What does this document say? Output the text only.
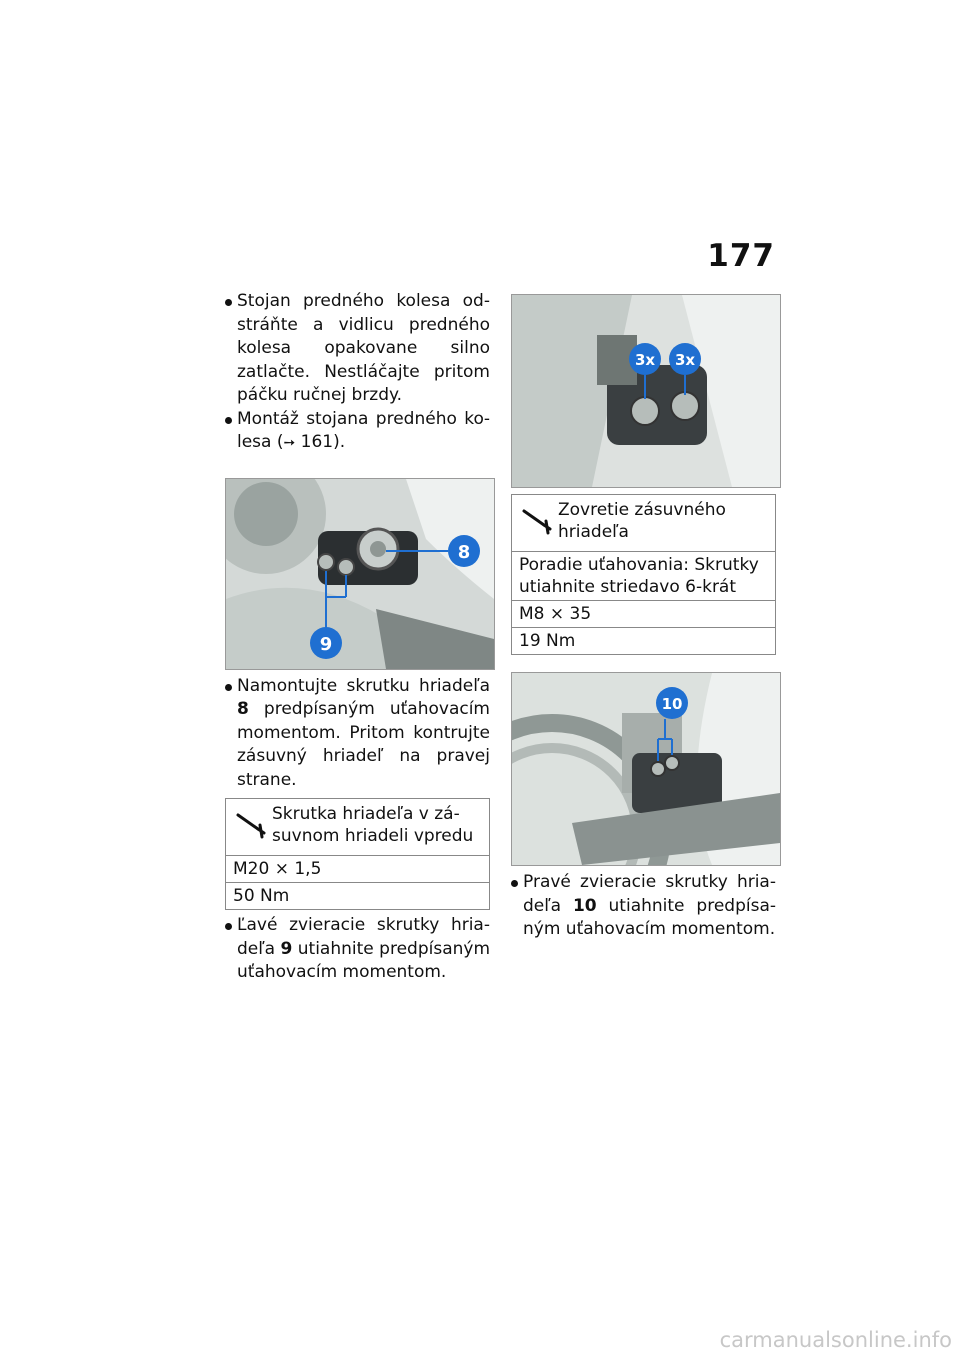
177

Stojan predného kolesa odstráňte a vidlicu predného kolesa opakovane silno zatlačte. Nestláčajte pritom páčku ručnej brzdy.

Montáž stojana predného kolesa (➙ 161).

8
9

Namontujte skrutku hriadeľa 8 predpísaným uťahovacím momentom. Pritom kontrujte zásuvný hriadeľ na pravej strane.

Skrutka hriadeľa v zásuvnom hriadeli vpredu
M20 × 1,5
50 Nm

Ľavé zvieracie skrutky hriadeľa 9 utiahnite predpísaným uťahovacím momentom.

3x 3x
Zovretie zásuvného hriadeľa
Poradie uťahovania: Skrutky utiahnite striedavo 6-krát
M8 × 35
19 Nm
10

Pravé zvieracie skrutky hriadeľa 10 utiahnite predpísaným uťahovacím momentom.

carmanualsonline.info
